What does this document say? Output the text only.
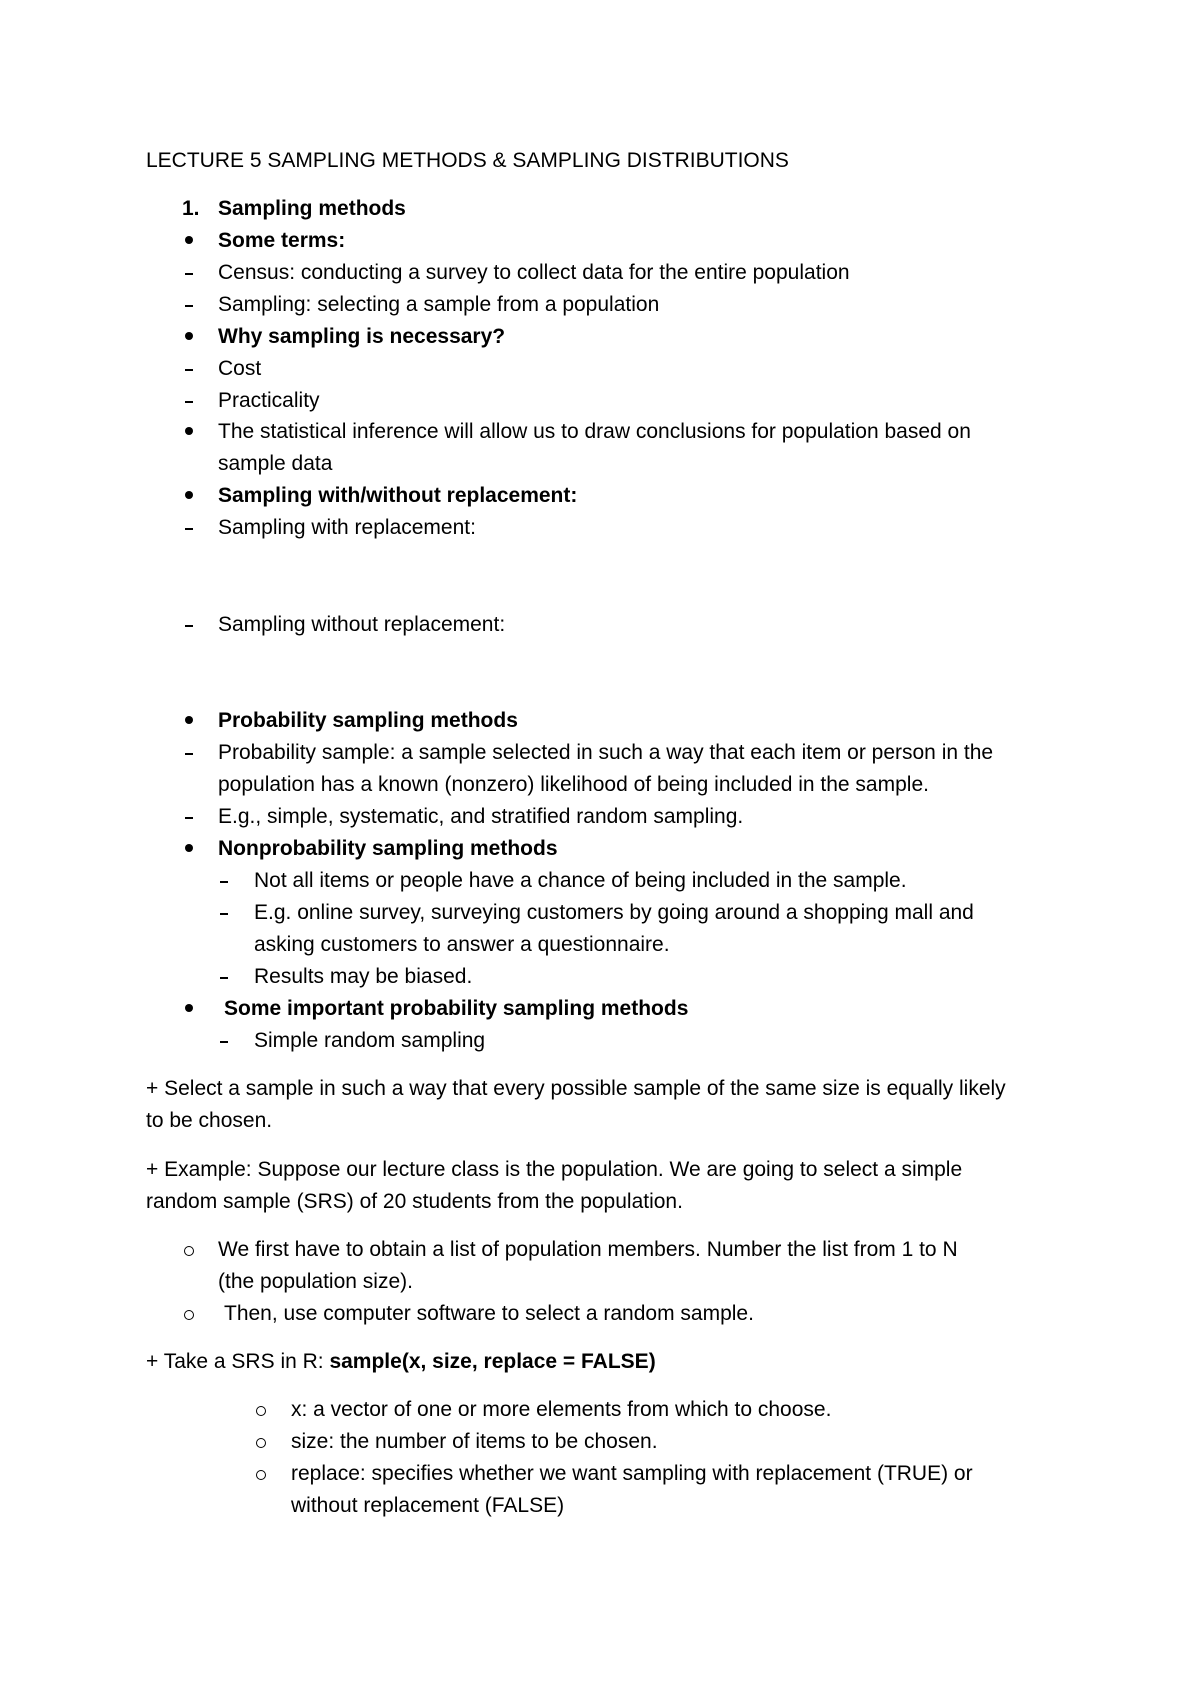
LECTURE 5 SAMPLING METHODS & SAMPLING DISTRIBUTIONS
1. Sampling methods
Some terms:
Census: conducting a survey to collect data for the entire population
Sampling: selecting a sample from a population
Why sampling is necessary?
Cost
Practicality
The statistical inference will allow us to draw conclusions for population based on
sample data
Sampling with/without replacement:
Sampling with replacement:
Sampling without replacement:
Probability sampling methods
Probability sample: a sample selected in such a way that each item or person in the
population has a known (nonzero) likelihood of being included in the sample.
E.g., simple, systematic, and stratified random sampling.
Nonprobability sampling methods
Not all items or people have a chance of being included in the sample.
E.g. online survey, surveying customers by going around a shopping mall and
asking customers to answer a questionnaire.
Results may be biased.
Some important probability sampling methods
Simple random sampling
+ Select a sample in such a way that every possible sample of the same size is equally likely
to be chosen.
+ Example: Suppose our lecture class is the population. We are going to select a simple
random sample (SRS) of 20 students from the population.
We first have to obtain a list of population members. Number the list from 1 to N
(the population size).
Then, use computer software to select a random sample.
+ Take a SRS in R: sample(x, size, replace = FALSE)
x: a vector of one or more elements from which to choose.
size: the number of items to be chosen.
replace: specifies whether we want sampling with replacement (TRUE) or
without replacement (FALSE)
